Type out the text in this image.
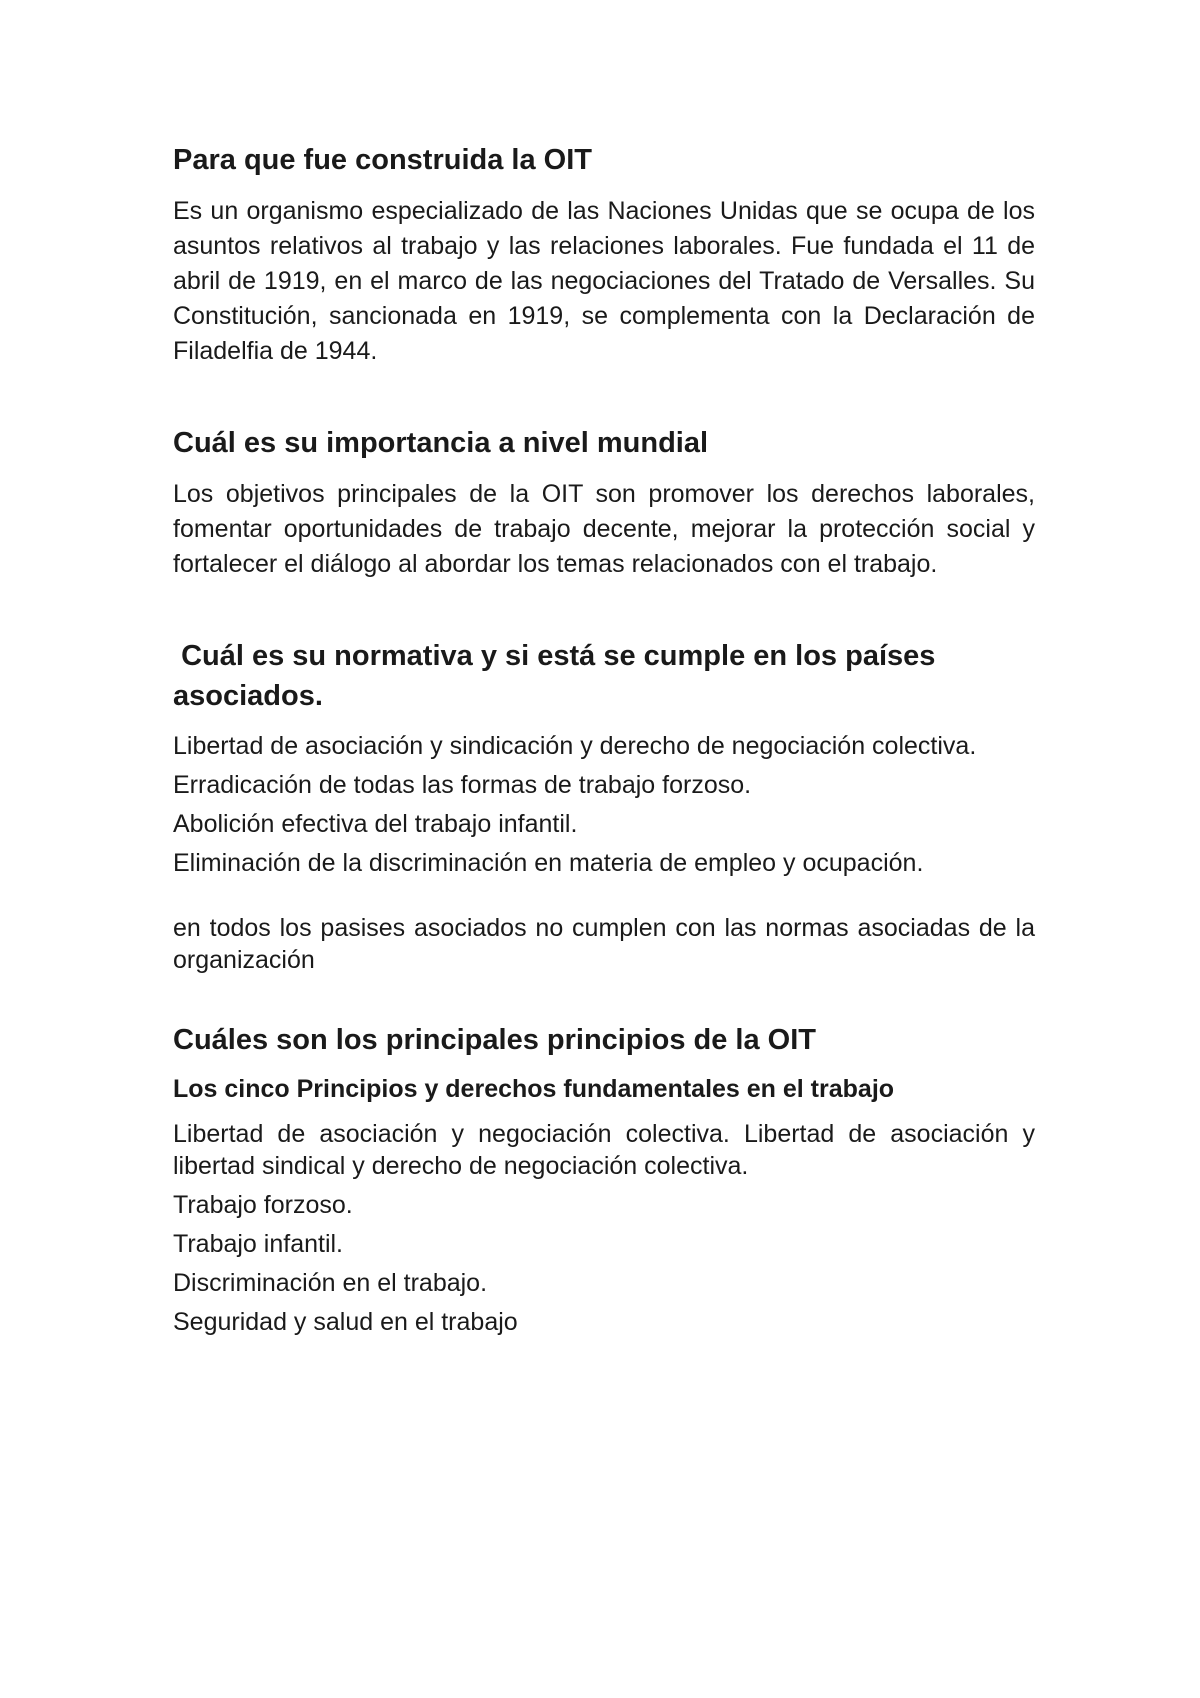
Para que fue construida la OIT

Es un organismo especializado de las Naciones Unidas que se ocupa de los asuntos relativos al trabajo y las relaciones laborales. Fue fundada el 11 de abril de 1919, en el marco de las negociaciones del Tratado de Versalles. Su Constitución, sancionada en 1919, se complementa con la Declaración de Filadelfia de 1944.

Cuál es su importancia a nivel mundial

Los objetivos principales de la OIT son promover los derechos laborales, fomentar oportunidades de trabajo decente, mejorar la protección social y fortalecer el diálogo al abordar los temas relacionados con el trabajo.

Cuál es su normativa y si está se cumple en los países asociados.

Libertad de asociación y sindicación y derecho de negociación colectiva.

Erradicación de todas las formas de trabajo forzoso.

Abolición efectiva del trabajo infantil.

Eliminación de la discriminación en materia de empleo y ocupación.

en todos los pasises asociados no cumplen con las normas asociadas de la organización

Cuáles son los principales principios de la OIT
Los cinco Principios y derechos fundamentales en el trabajo

Libertad de asociación y negociación colectiva. Libertad de asociación y libertad sindical y derecho de negociación colectiva.

Trabajo forzoso.

Trabajo infantil.

Discriminación en el trabajo.

Seguridad y salud en el trabajo
